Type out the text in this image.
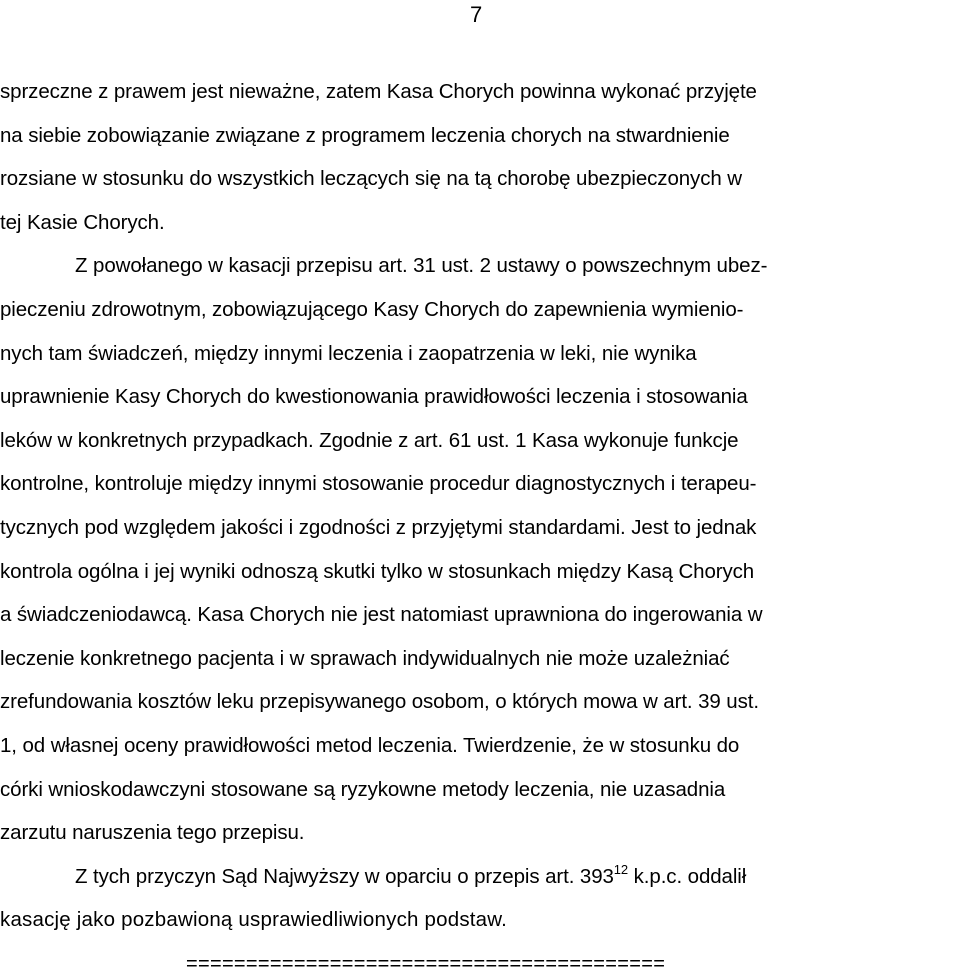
7
sprzeczne z prawem jest nieważne, zatem Kasa Chorych powinna wykonać przyjęte
na siebie zobowiązanie związane z programem leczenia chorych na stwardnienie
rozsiane w stosunku do wszystkich leczących się na tą chorobę ubezpieczonych w
tej Kasie Chorych.
Z powołanego w kasacji przepisu art. 31 ust. 2 ustawy o powszechnym ubez-
pieczeniu zdrowotnym, zobowiązującego Kasy Chorych do zapewnienia wymienio-
nych tam świadczeń, między innymi leczenia i zaopatrzenia w leki, nie wynika
uprawnienie Kasy Chorych do kwestionowania prawidłowości leczenia i stosowania
leków w konkretnych przypadkach. Zgodnie z art. 61 ust. 1 Kasa wykonuje funkcje
kontrolne, kontroluje między innymi stosowanie procedur diagnostycznych i terapeu-
tycznych pod względem jakości i zgodności z przyjętymi standardami. Jest to jednak
kontrola ogólna i jej wyniki odnoszą skutki tylko w stosunkach między Kasą Chorych
a świadczeniodawcą. Kasa Chorych nie jest natomiast uprawniona do ingerowania w
leczenie konkretnego pacjenta i w sprawach indywidualnych nie może uzależniać
zrefundowania kosztów leku przepisywanego osobom, o których mowa w art. 39 ust.
1, od własnej oceny prawidłowości metod leczenia. Twierdzenie, że w stosunku do
córki wnioskodawczyni stosowane są ryzykowne metody leczenia, nie uzasadnia
zarzutu naruszenia tego przepisu.
Z tych przyczyn Sąd Najwyższy w oparciu o przepis art. $393^{12}$ k.p.c. oddalił
kasację jako pozbawioną usprawiedliwionych podstaw.
========================================
